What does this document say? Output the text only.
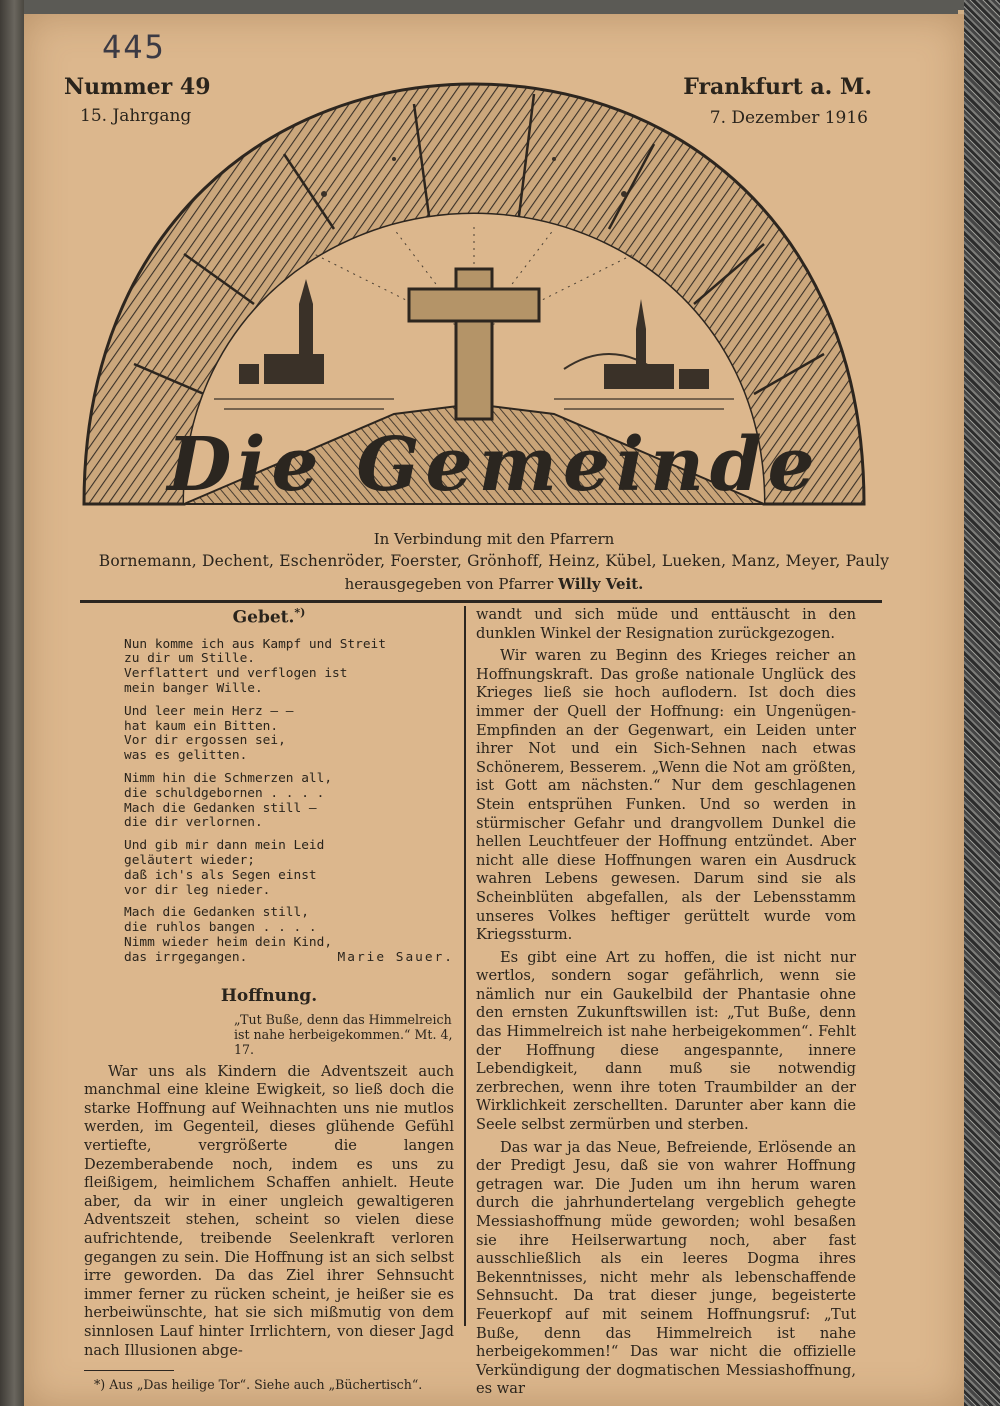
445
Nummer 49
15. Jahrgang
Frankfurt a. M.
7. Dezember 1916
Die Gemeinde
In Verbindung mit den Pfarrern
Bornemann, Dechent, Eschenröder, Foerster, Grönhoff, Heinz, Kübel, Lueken, Manz, Meyer, Pauly
herausgegeben von Pfarrer Willy Veit.
Gebet.*)
Nun komme ich aus Kampf und Streit
zu dir um Stille.
Verflattert und verflogen ist
mein banger Wille.
Und leer mein Herz — —
hat kaum ein Bitten.
Vor dir ergossen sei,
was es gelitten.
Nimm hin die Schmerzen all,
die schuldgebornen . . . .
Mach die Gedanken still —
die dir verlornen.
Und gib mir dann mein Leid
geläutert wieder;
daß ich's als Segen einst
vor dir leg nieder.
Mach die Gedanken still,
die ruhlos bangen . . . .
Nimm wieder heim dein Kind,
das irrgegangen.	Marie Sauer.
Hoffnung.
„Tut Buße, denn das Himmelreich ist nahe herbeigekommen.“ Mt. 4, 17.

War uns als Kindern die Adventszeit auch manchmal eine kleine Ewigkeit, so ließ doch die starke Hoffnung auf Weihnachten uns nie mutlos werden, im Gegenteil, dieses glühende Gefühl vertiefte, vergrößerte die langen Dezemberabende noch, indem es uns zu fleißigem, heimlichem Schaffen anhielt. Heute aber, da wir in einer ungleich gewaltigeren Adventszeit stehen, scheint so vielen diese aufrichtende, treibende Seelenkraft verloren gegangen zu sein. Die Hoffnung ist an sich selbst irre geworden. Da das Ziel ihrer Sehnsucht immer ferner zu rücken scheint, je heißer sie es herbeiwünschte, hat sie sich mißmutig von dem sinnlosen Lauf hinter Irrlichtern, von dieser Jagd nach Illusionen abge-

*) Aus „Das heilige Tor“. Siehe auch „Büchertisch“.

wandt und sich müde und enttäuscht in den dunklen Winkel der Resignation zurückgezogen.

Wir waren zu Beginn des Krieges reicher an Hoffnungskraft. Das große nationale Unglück des Krieges ließ sie hoch auflodern. Ist doch dies immer der Quell der Hoffnung: ein Ungenügen-Empfinden an der Gegenwart, ein Leiden unter ihrer Not und ein Sich-Sehnen nach etwas Schönerem, Besserem. „Wenn die Not am größten, ist Gott am nächsten.“ Nur dem geschlagenen Stein entsprühen Funken. Und so werden in stürmischer Gefahr und drangvollem Dunkel die hellen Leuchtfeuer der Hoffnung entzündet. Aber nicht alle diese Hoffnungen waren ein Ausdruck wahren Lebens gewesen. Darum sind sie als Scheinblüten abgefallen, als der Lebensstamm unseres Volkes heftiger gerüttelt wurde vom Kriegssturm.

Es gibt eine Art zu hoffen, die ist nicht nur wertlos, sondern sogar gefährlich, wenn sie nämlich nur ein Gaukelbild der Phantasie ohne den ernsten Zukunftswillen ist: „Tut Buße, denn das Himmelreich ist nahe herbeigekommen“. Fehlt der Hoffnung diese angespannte, innere Lebendigkeit, dann muß sie notwendig zerbrechen, wenn ihre toten Traumbilder an der Wirklichkeit zerschellten. Darunter aber kann die Seele selbst zermürben und sterben.

Das war ja das Neue, Befreiende, Erlösende an der Predigt Jesu, daß sie von wahrer Hoffnung getragen war. Die Juden um ihn herum waren durch die jahrhundertelang vergeblich gehegte Messiashoffnung müde geworden; wohl besaßen sie ihre Heilserwartung noch, aber fast ausschließlich als ein leeres Dogma ihres Bekenntnisses, nicht mehr als lebenschaffende Sehnsucht. Da trat dieser junge, begeisterte Feuerkopf auf mit seinem Hoffnungsruf: „Tut Buße, denn das Himmelreich ist nahe herbeigekommen!“ Das war nicht die offizielle Verkündigung der dogmatischen Messiashoffnung, es war
